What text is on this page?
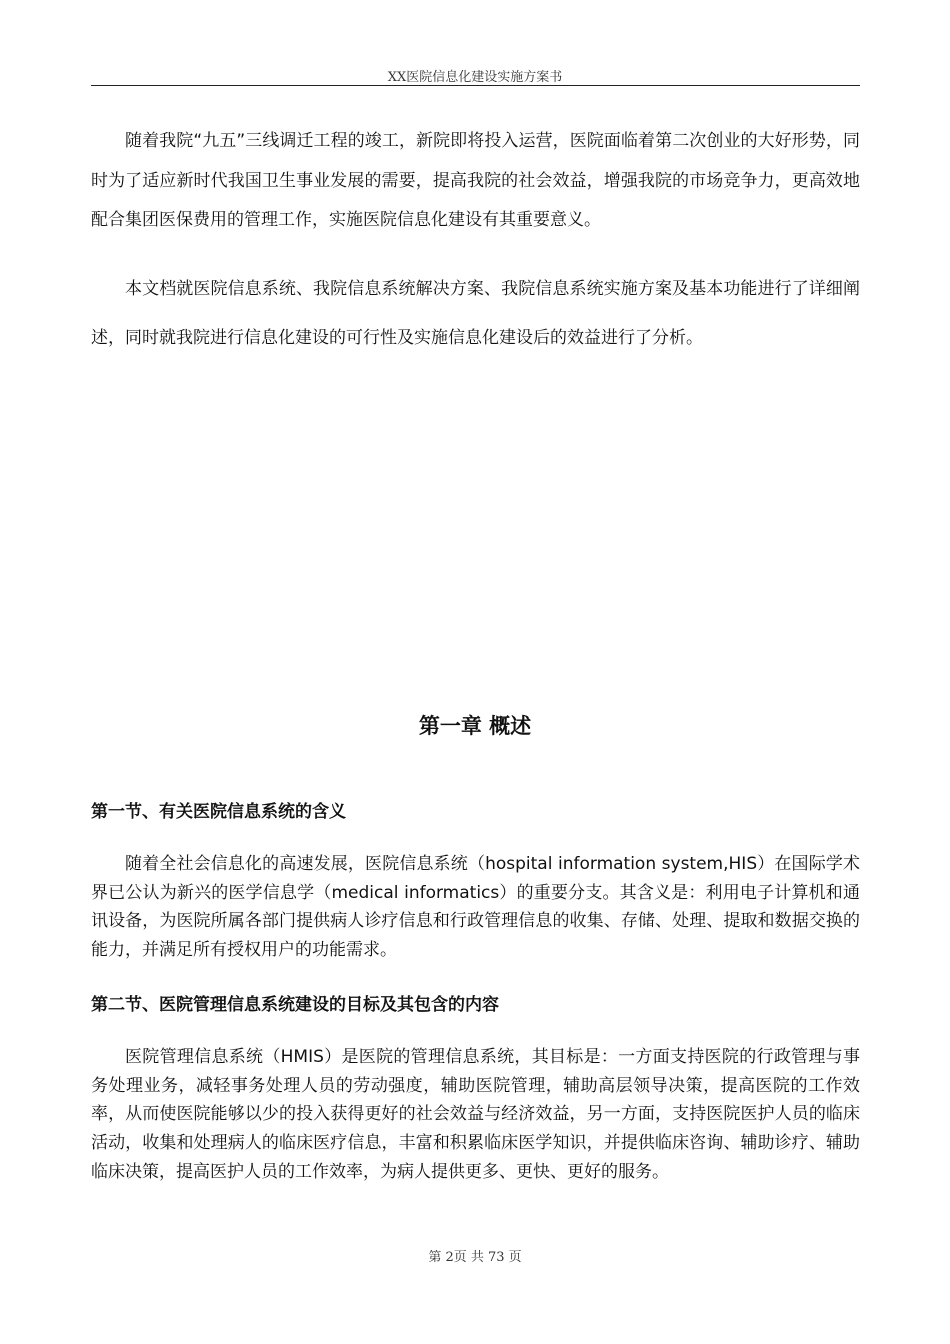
XX医院信息化建设实施方案书

随着我院“九五”三线调迁工程的竣工，新院即将投入运营，医院面临着第二次创业的大好形势，同时为了适应新时代我国卫生事业发展的需要，提高我院的社会效益，增强我院的市场竞争力，更高效地配合集团医保费用的管理工作，实施医院信息化建设有其重要意义。

本文档就医院信息系统、我院信息系统解决方案、我院信息系统实施方案及基本功能进行了详细阐述，同时就我院进行信息化建设的可行性及实施信息化建设后的效益进行了分析。

第一章 概述
第一节、有关医院信息系统的含义

随着全社会信息化的高速发展，医院信息系统（hospital information system,HIS）在国际学术界已公认为新兴的医学信息学（medical informatics）的重要分支。其含义是：利用电子计算机和通讯设备，为医院所属各部门提供病人诊疗信息和行政管理信息的收集、存储、处理、提取和数据交换的能力，并满足所有授权用户的功能需求。

第二节、医院管理信息系统建设的目标及其包含的内容

医院管理信息系统（HMIS）是医院的管理信息系统，其目标是：一方面支持医院的行政管理与事务处理业务，减轻事务处理人员的劳动强度，辅助医院管理，辅助高层领导决策，提高医院的工作效率，从而使医院能够以少的投入获得更好的社会效益与经济效益，另一方面，支持医院医护人员的临床活动，收集和处理病人的临床医疗信息，丰富和积累临床医学知识，并提供临床咨询、辅助诊疗、辅助临床决策，提高医护人员的工作效率，为病人提供更多、更快、更好的服务。

第 2页 共 73 页
